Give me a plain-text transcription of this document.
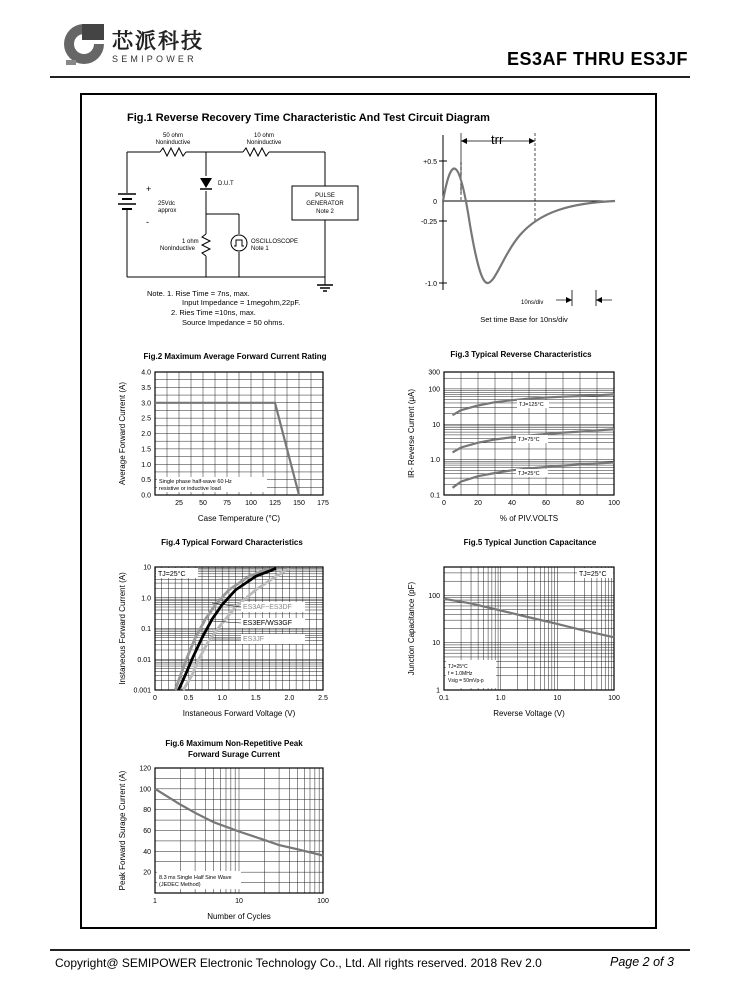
芯派科技
SEMIPOWER	ES3AF THRU ES3JF
Fig.1 Reverse Recovery Time Characteristic And Test Circuit Diagram
50 ohm
Noninductive
10 ohm
Noninductive
PULSE
GENERATOR
Note 2
D.U.T
25Vdc
approx
1 ohm
NonInductive
OSCILLOSCOPE
Note 1
+
-
Note. 1. Rise Time = 7ns, max.
Input Impedance = 1megohm,22pF.
2. Ries Time =10ns, max.
Source Impedance = 50 ohms.
+0.5
0
-0.25
-1.0
trr
10ns/div
Set time Base for 10ns/div
Fig.2 Maximum Average Forward Current Rating
Case Temperature (°C)
Average Forward Current (A)
25 50 75 100 125 150 175
0.0
0.5
1.0
1.5
2.0
2.5
3.0
3.5
4.0
Single phase half-wave 60 Hz
resistive or inductive load
TJ=125°C
TJ=75°C
TJ=25°C
Fig.3 Typical Reverse Characteristics
% of PIV.VOLTS
IR- Reverse Current (μA)
0	20	40	60	80	100
0.1
1.0
10
100
300
TJ=25°C
ES3AF~ES3DF
ES3EF/WS3GF
ES3JF
Fig.4 Typical Forward Characteristics
Instaneous Forward Voltage (V)
Instaneous Forward Current (A)
0	0.5	1.0	1.5	2.0	2.5
0.001
0.01
0.1
1.0
10
TJ=25°C
TJ=25°C
f = 1.0MHz
Vsig = 50mVp-p
Fig.5 Typical Junction Capacitance
Reverse Voltage (V)
Junction Capacitance (pF)
0.1	1.0	10	100
1
10
100
8.3 ms Single Half Sine Wave
(JEDEC Method)
Fig.6 Maximum Non-Repetitive Peak
Forward Surage Current
Number of Cycles
Peak Forward Surage Current (A)
1	10	100
20
40
60
80
100
120
Copyright@ SEMIPOWER Electronic Technology Co., Ltd. All rights reserved. 2018 Rev 2.0	Page 2 of 3
